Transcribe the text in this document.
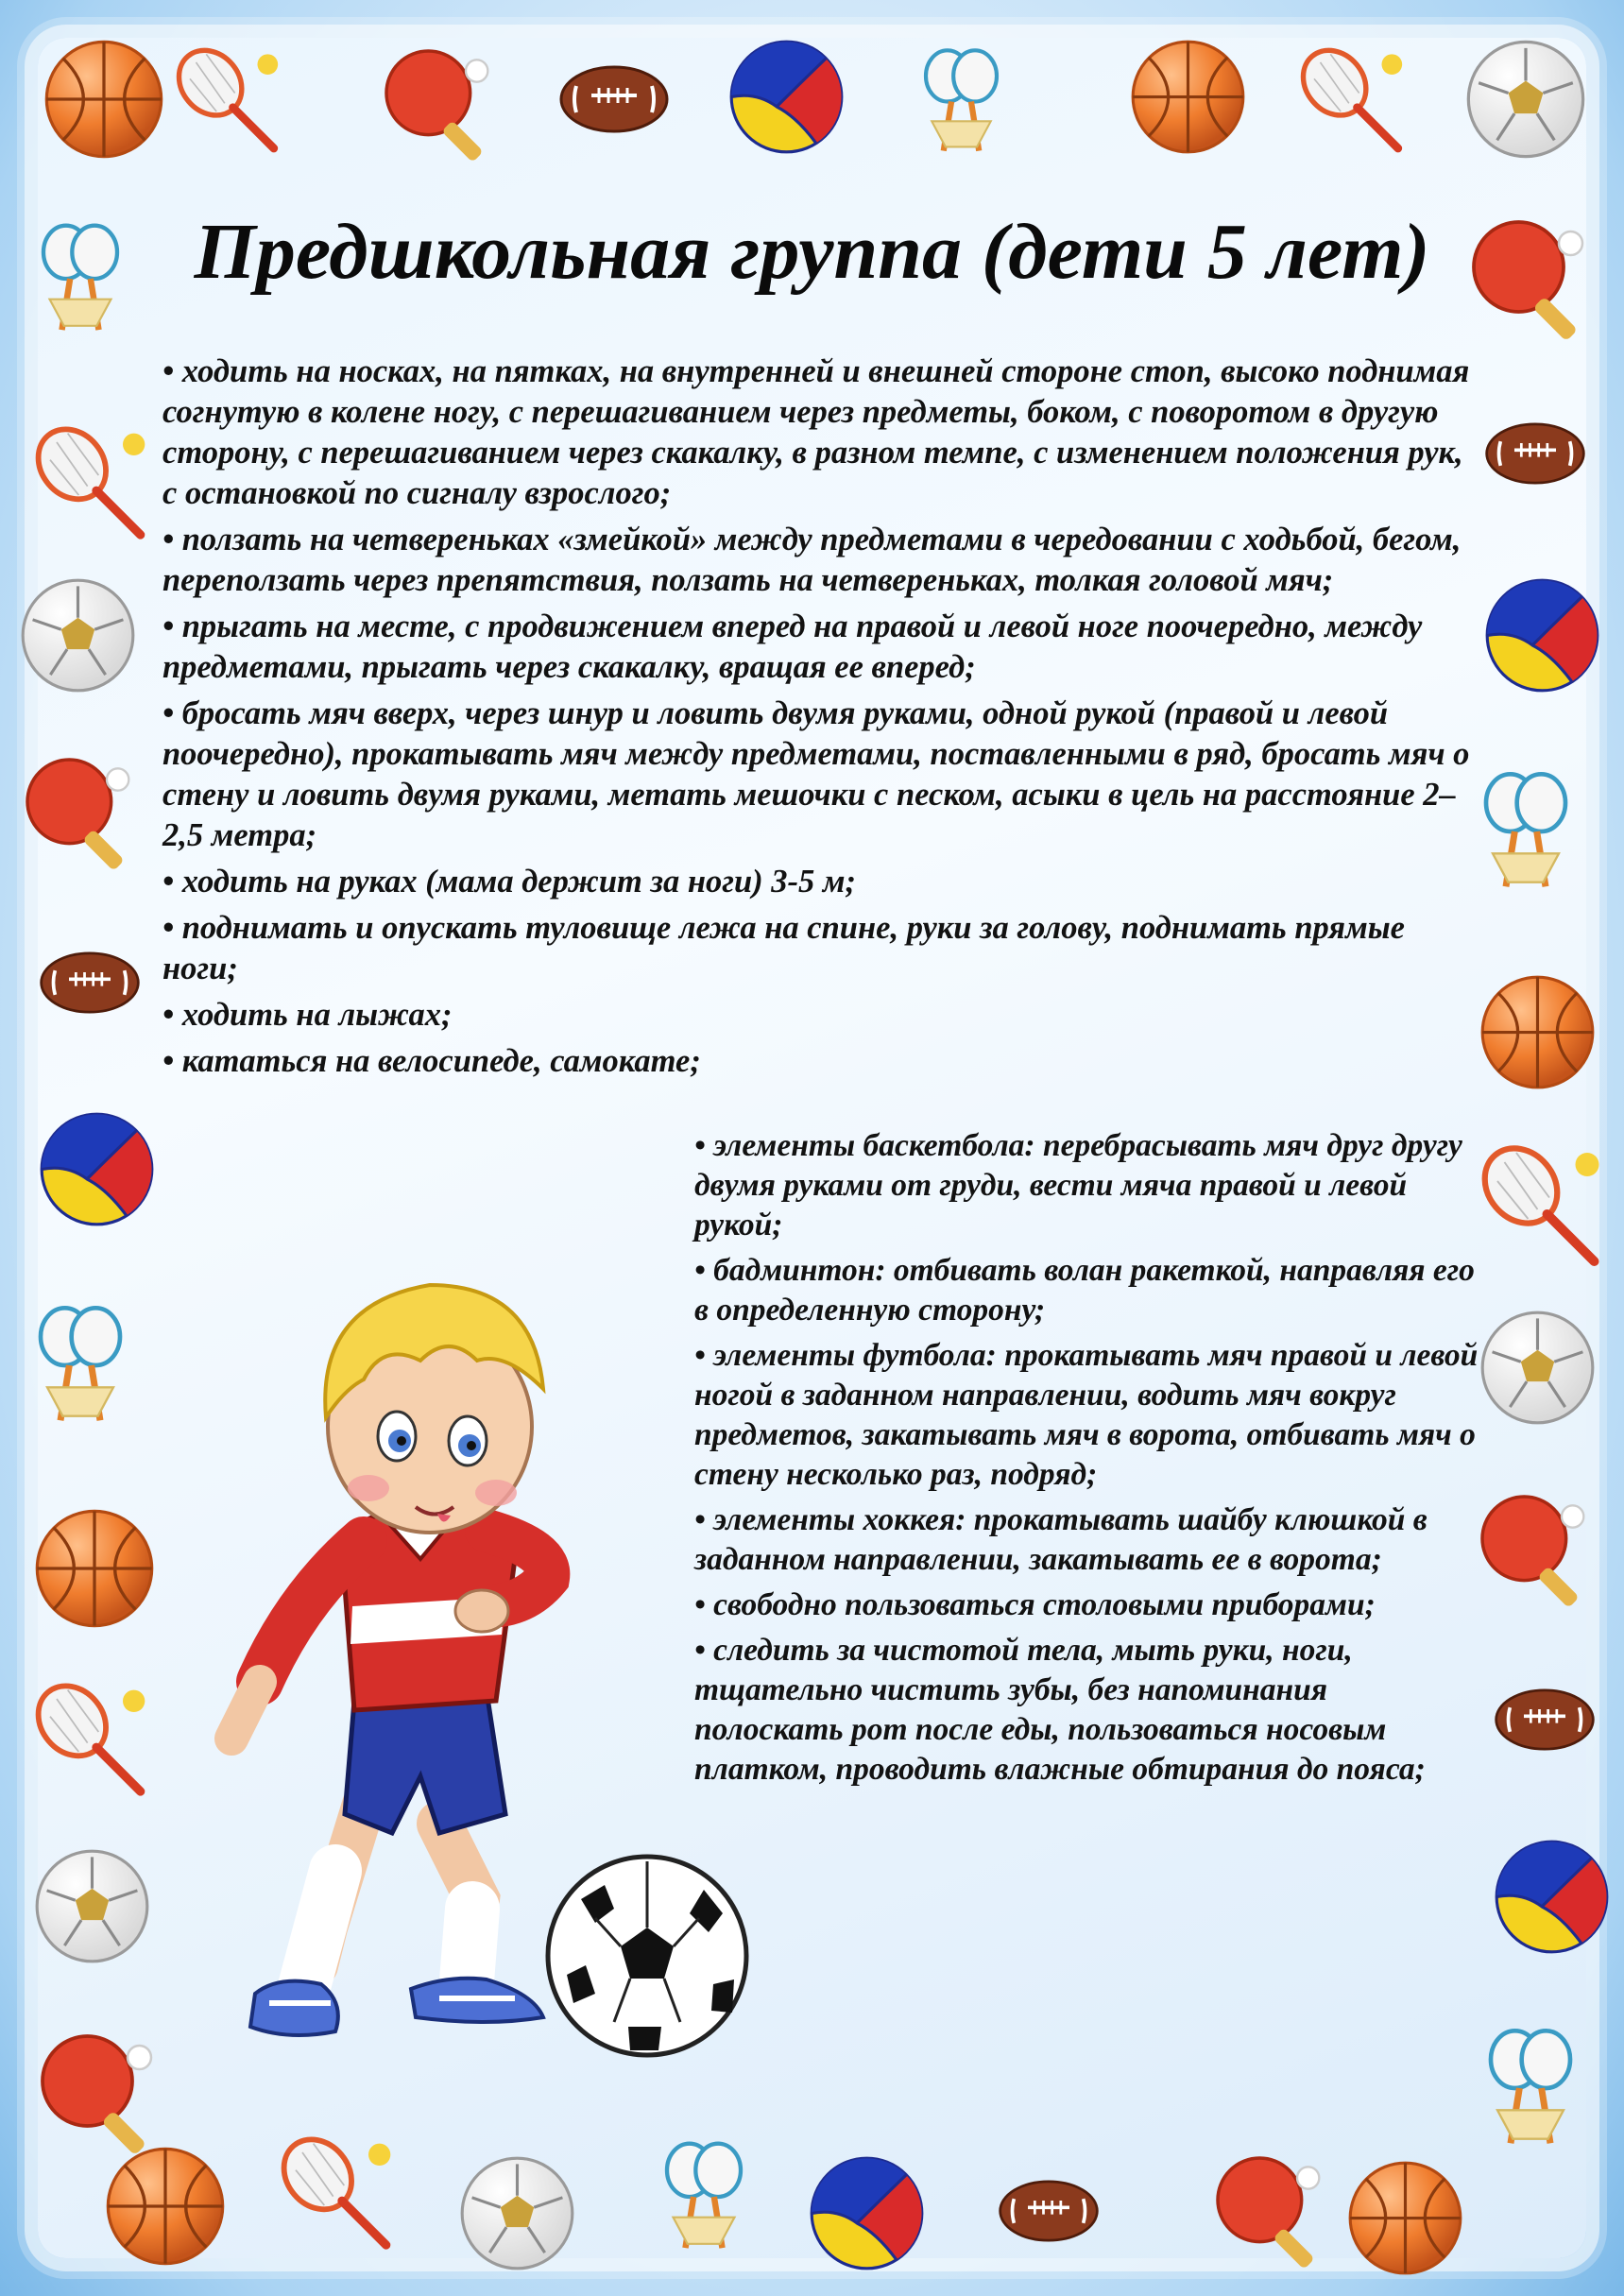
Предшкольная группа (дети 5 лет)
• ходить на носках, на пятках, на внутренней и внешней стороне стоп, высоко поднимая согнутую в колене ногу, с перешагиванием через предметы, боком, с поворотом в другую сторону, с перешагиванием через скакалку, в разном темпе, с изменением положения рук, с остановкой по сигналу взрослого;
• ползать на четвереньках «змейкой» между предметами в чередовании с ходьбой, бегом, переползать через препятствия, ползать на четвереньках, толкая головой мяч;
• прыгать на месте, с продвижением вперед на правой и левой ноге поочередно, между предметами, прыгать через скакалку, вращая ее вперед;
• бросать мяч вверх, через шнур и ловить двумя руками, одной рукой (правой и левой поочередно), прокатывать мяч между предметами, поставленными в ряд, бросать мяч о стену и ловить двумя руками, метать мешочки с песком, асыки в цель на расстояние 2–2,5 метра;
• ходить на руках (мама держит за ноги) 3-5 м;
• поднимать и опускать туловище лежа на спине, руки за голову, поднимать прямые ноги;
• ходить на лыжах;
• кататься на велосипеде, самокате;
• элементы баскетбола: перебрасывать мяч друг другу двумя руками от груди, вести мяча правой и левой рукой;
• бадминтон: отбивать волан ракеткой, направляя его в определенную сторону;
• элементы футбола: прокатывать мяч правой и левой ногой в заданном направлении, водить мяч вокруг предметов, закатывать мяч в ворота, отбивать мяч о стену несколько раз, подряд;
• элементы хоккея: прокатывать шайбу клюшкой в заданном направлении, закатывать ее в ворота;
• свободно пользоваться столовыми приборами;
• следить за чистотой тела, мыть руки, ноги, тщательно чистить зубы, без напоминания полоскать рот после еды, пользоваться носовым платком, проводить влажные обтирания до пояса;
